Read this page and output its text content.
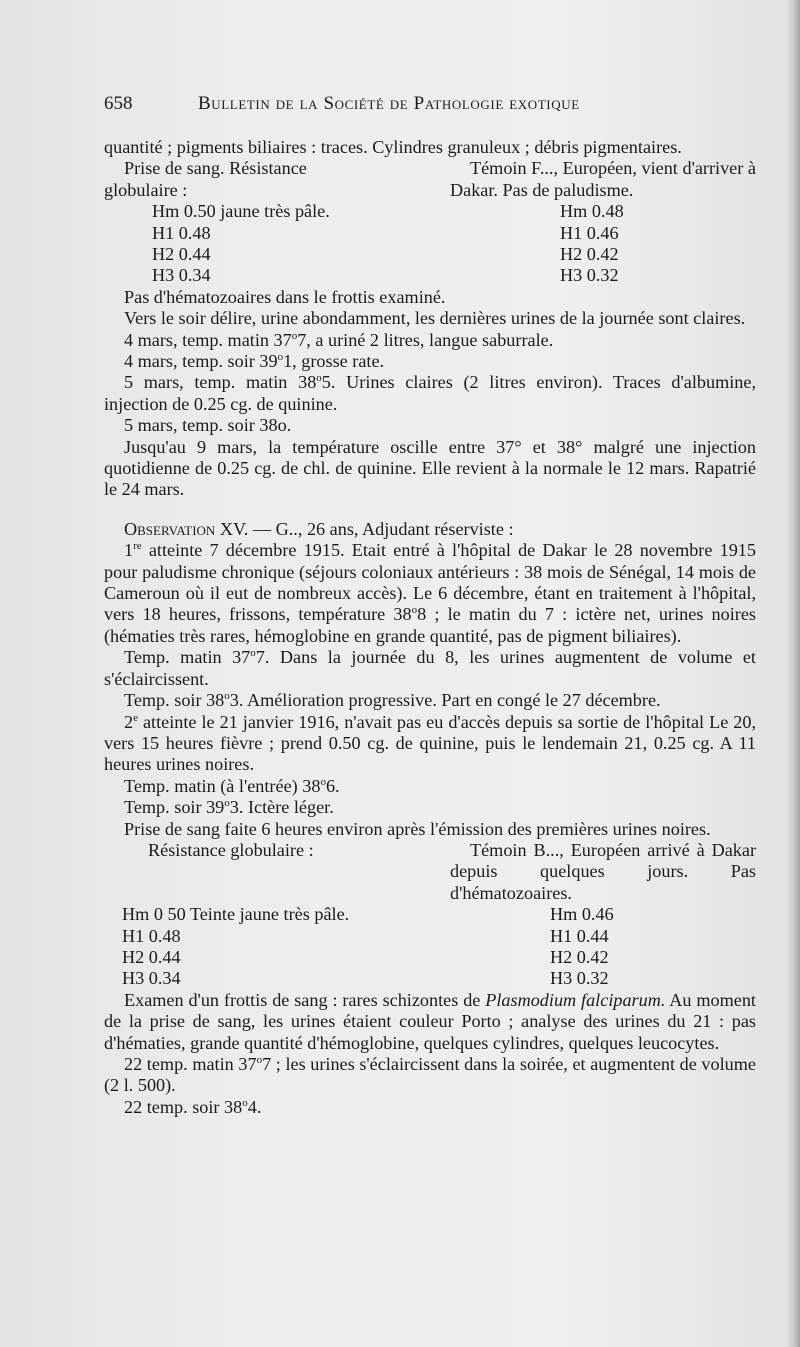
658	Bulletin de la Société de Pathologie exotique

quantité ; pigments biliaires : traces. Cylindres granuleux ; débris pigmentaires.

Prise de sang. Résistance globulaire :
Témoin F..., Européen, vient d'arriver à Dakar. Pas de paludisme.
Hm 0.50 jaune très pâle.
H1 0.48
H2 0.44
H3 0.34
Hm 0.48
H1 0.46
H2 0.42
H3 0.32

Pas d'hématozoaires dans le frottis examiné.

Vers le soir délire, urine abondamment, les dernières urines de la journée sont claires.

4 mars, temp. matin 37$^o$7, a uriné 2 litres, langue saburrale.

4 mars, temp. soir 39$^o$1, grosse rate.

5 mars, temp. matin 38$^o$5. Urines claires (2 litres environ). Traces d'albumine, injection de 0.25 cg. de quinine.

5 mars, temp. soir 38o.

Jusqu'au 9 mars, la température oscille entre 37° et 38° malgré une injection quotidienne de 0.25 cg. de chl. de quinine. Elle revient à la normale le 12 mars. Rapatrié le 24 mars.

Observation XV. — G.., 26 ans, Adjudant réserviste :

1re atteinte 7 décembre 1915. Etait entré à l'hôpital de Dakar le 28 novembre 1915 pour paludisme chronique (séjours coloniaux antérieurs : 38 mois de Sénégal, 14 mois de Cameroun où il eut de nombreux accès). Le 6 décembre, étant en traitement à l'hôpital, vers 18 heures, frissons, température 38$^o$8 ; le matin du 7 : ictère net, urines noires (hématies très rares, hémoglobine en grande quantité, pas de pigment biliaires).

Temp. matin 37$^o$7. Dans la journée du 8, les urines augmentent de volume et s'éclaircissent.

Temp. soir 38$^o$3. Amélioration progressive. Part en congé le 27 décembre.

2e atteinte le 21 janvier 1916, n'avait pas eu d'accès depuis sa sortie de l'hôpital Le 20, vers 15 heures fièvre ; prend 0.50 cg. de quinine, puis le lendemain 21, 0.25 cg. A 11 heures urines noires.

Temp. matin (à l'entrée) 38$^o$6.

Temp. soir 39$^o$3. Ictère léger.

Prise de sang faite 6 heures environ après l'émission des premières urines noires.

Résistance globulaire :	Témoin B..., Européen arrivé à Dakar depuis quelques jours. Pas d'hématozoaires.
Hm 0 50 Teinte jaune très pâle.
H1 0.48
H2 0.44
H3 0.34
Hm 0.46
H1 0.44
H2 0.42
H3 0.32

Examen d'un frottis de sang : rares schizontes de Plasmodium falciparum. Au moment de la prise de sang, les urines étaient couleur Porto ; analyse des urines du 21 : pas d'hématies, grande quantité d'hémoglobine, quelques cylindres, quelques leucocytes.

22 temp. matin 37$^o$7 ; les urines s'éclaircissent dans la soirée, et augmentent de volume (2 l. 500).

22 temp. soir 38$^o$4.
